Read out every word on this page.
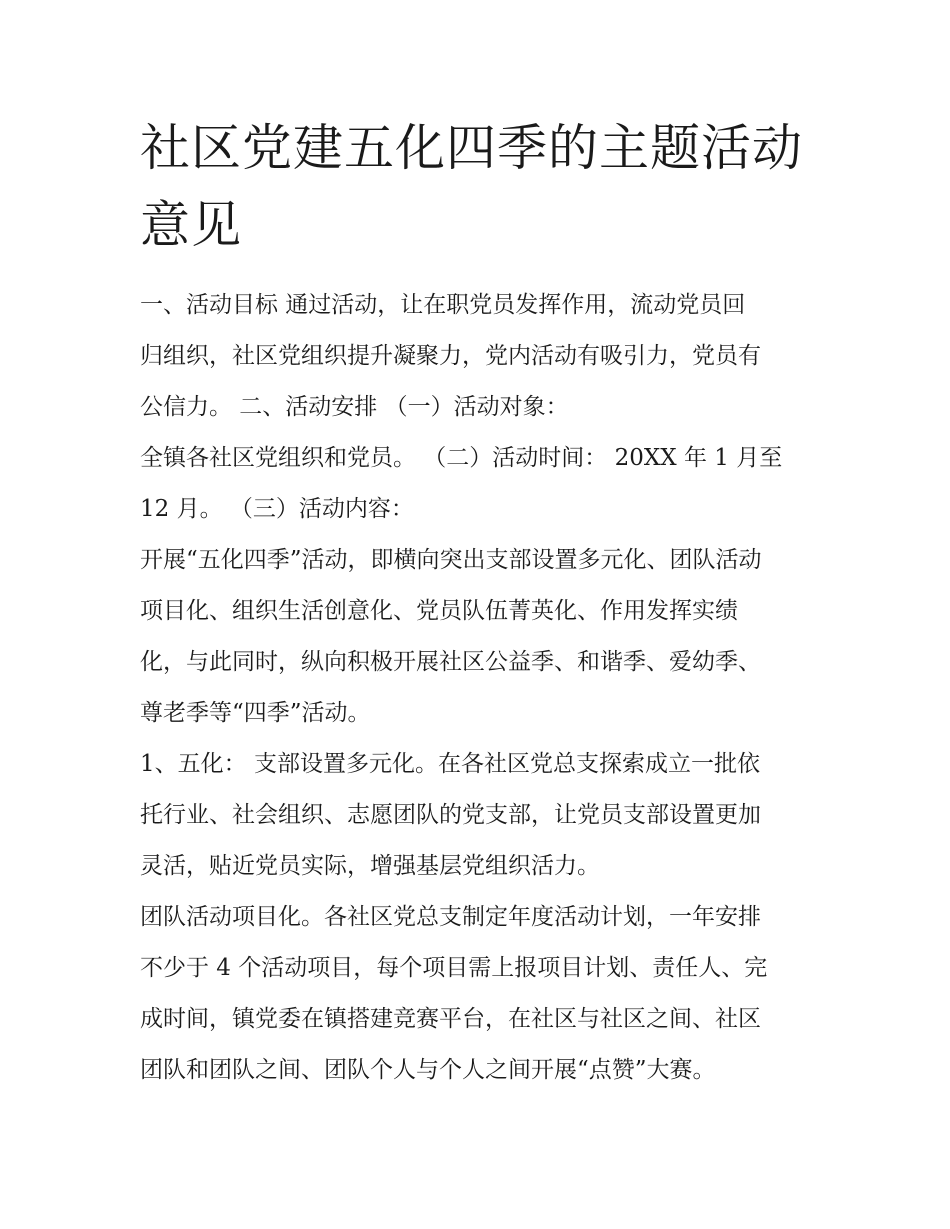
社区党建五化四季的主题活动
意见

一、活动目标 通过活动，让在职党员发挥作用，流动党员回

归组织，社区党组织提升凝聚力，党内活动有吸引力，党员有

公信力。 二、活动安排 （一）活动对象：

全镇各社区党组织和党员。 （二）活动时间： 20XX 年 1 月至

12 月。 （三）活动内容：

开展“五化四季”活动，即横向突出支部设置多元化、团队活动

项目化、组织生活创意化、党员队伍菁英化、作用发挥实绩

化，与此同时，纵向积极开展社区公益季、和谐季、爱幼季、

尊老季等“四季”活动。

1、五化： 支部设置多元化。在各社区党总支探索成立一批依

托行业、社会组织、志愿团队的党支部，让党员支部设置更加

灵活，贴近党员实际，增强基层党组织活力。

团队活动项目化。各社区党总支制定年度活动计划，一年安排

不少于 4 个活动项目，每个项目需上报项目计划、责任人、完

成时间，镇党委在镇搭建竞赛平台，在社区与社区之间、社区

团队和团队之间、团队个人与个人之间开展“点赞”大赛。
